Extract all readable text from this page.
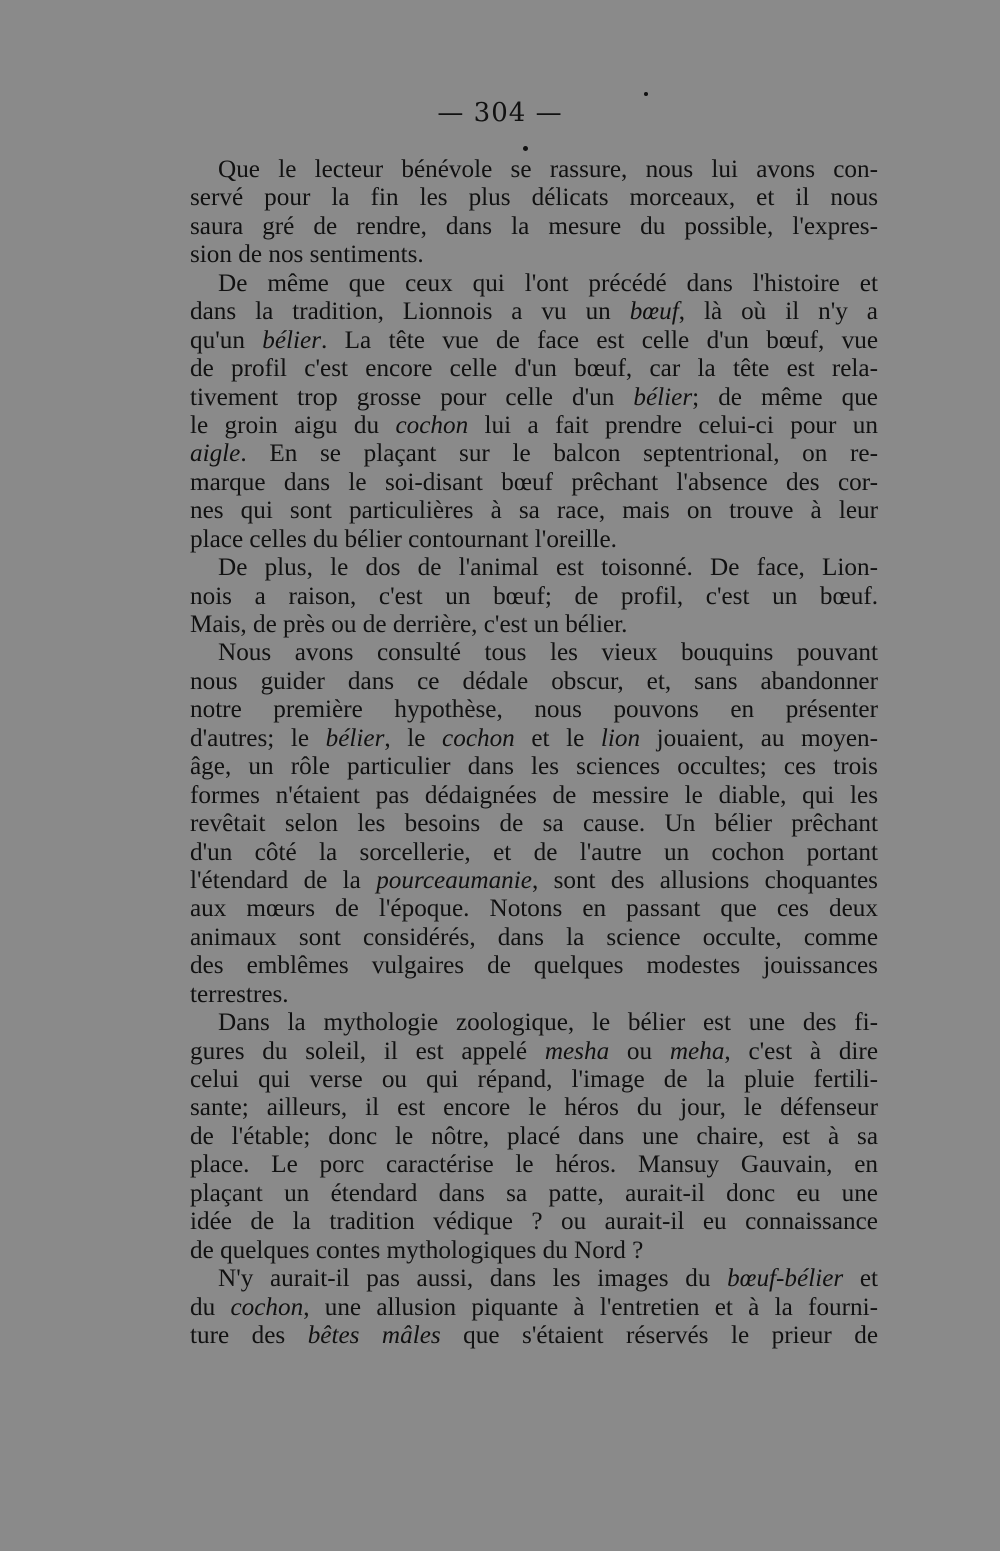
— 304 —
Que le lecteur bénévole se rassure, nous lui avons con-
servé pour la fin les plus délicats morceaux, et il nous
saura gré de rendre, dans la mesure du possible, l'expres-
sion de nos sentiments.
De même que ceux qui l'ont précédé dans l'histoire et
dans la tradition, Lionnois a vu un bœuf, là où il n'y a
qu'un bélier. La tête vue de face est celle d'un bœuf, vue
de profil c'est encore celle d'un bœuf, car la tête est rela-
tivement trop grosse pour celle d'un bélier; de même que
le groin aigu du cochon lui a fait prendre celui-ci pour un
aigle. En se plaçant sur le balcon septentrional, on re-
marque dans le soi-disant bœuf prêchant l'absence des cor-
nes qui sont particulières à sa race, mais on trouve à leur
place celles du bélier contournant l'oreille.
De plus, le dos de l'animal est toisonné. De face, Lion-
nois a raison, c'est un bœuf; de profil, c'est un bœuf.
Mais, de près ou de derrière, c'est un bélier.
Nous avons consulté tous les vieux bouquins pouvant
nous guider dans ce dédale obscur, et, sans abandonner
notre première hypothèse, nous pouvons en présenter
d'autres; le bélier, le cochon et le lion jouaient, au moyen-
âge, un rôle particulier dans les sciences occultes; ces trois
formes n'étaient pas dédaignées de messire le diable, qui les
revêtait selon les besoins de sa cause. Un bélier prêchant
d'un côté la sorcellerie, et de l'autre un cochon portant
l'étendard de la pourceaumanie, sont des allusions choquantes
aux mœurs de l'époque. Notons en passant que ces deux
animaux sont considérés, dans la science occulte, comme
des emblêmes vulgaires de quelques modestes jouissances
terrestres.
Dans la mythologie zoologique, le bélier est une des fi-
gures du soleil, il est appelé mesha ou meha, c'est à dire
celui qui verse ou qui répand, l'image de la pluie fertili-
sante; ailleurs, il est encore le héros du jour, le défenseur
de l'étable; donc le nôtre, placé dans une chaire, est à sa
place. Le porc caractérise le héros. Mansuy Gauvain, en
plaçant un étendard dans sa patte, aurait-il donc eu une
idée de la tradition védique ? ou aurait-il eu connaissance
de quelques contes mythologiques du Nord ?
N'y aurait-il pas aussi, dans les images du bœuf-bélier et
du cochon, une allusion piquante à l'entretien et à la fourni-
ture des bêtes mâles que s'étaient réservés le prieur de
